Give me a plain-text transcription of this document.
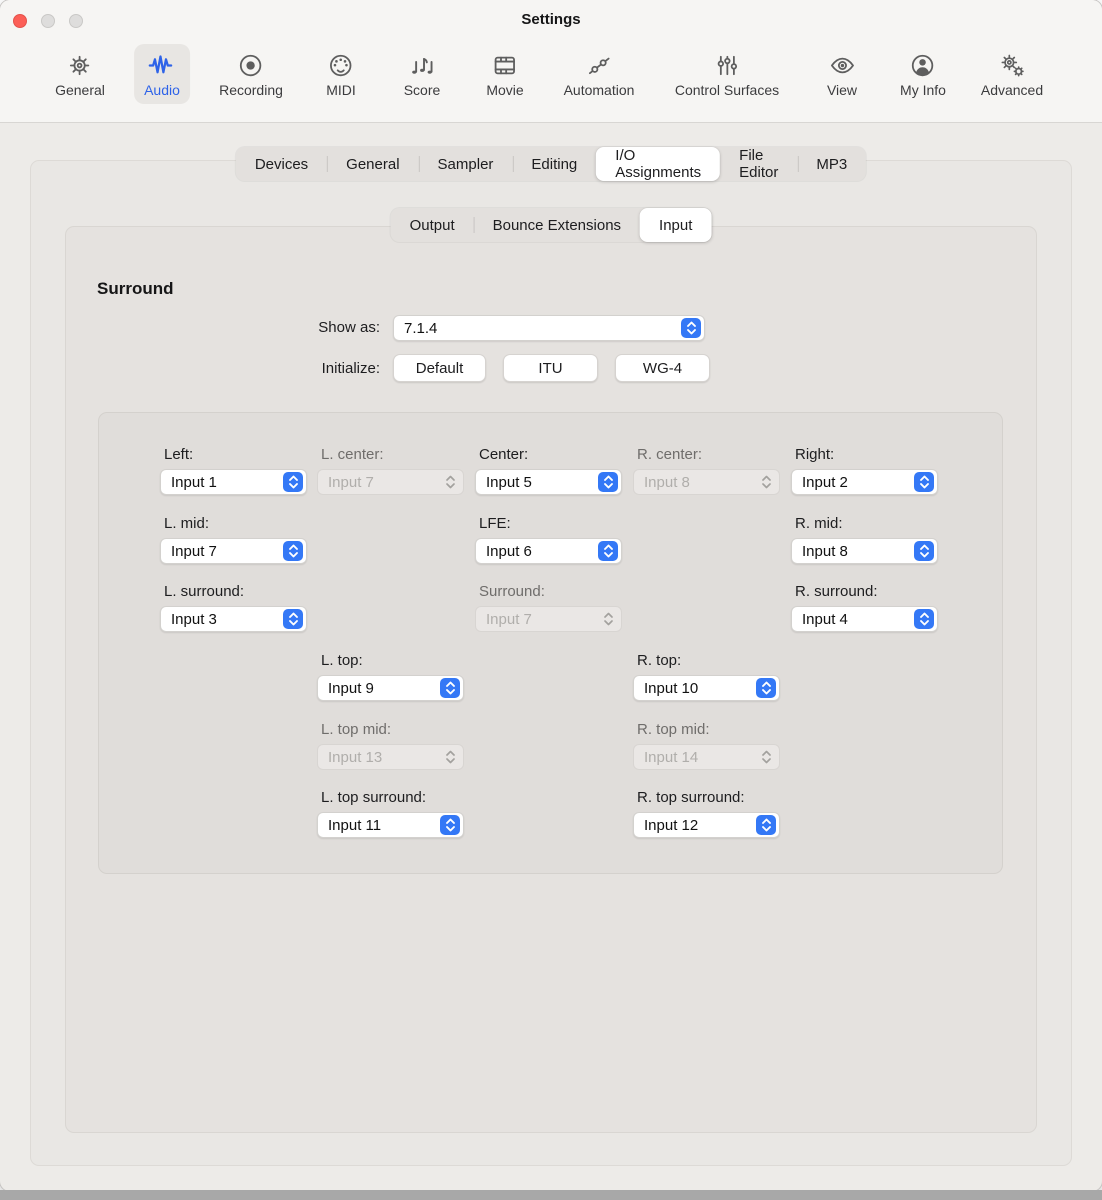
Settings
General	Audio	Recording	MIDI	Score	Movie	Automation	Control Surfaces	View	My Info Advanced
Devices	General	Sampler	Editing	I/O Assignments
File Editor	MP3
Output	Bounce Extensions	Input
Surround
Show as: 7.1.4
Initialize:	Default	ITU	WG-4
Left:
Input 1
L. center:
Input 7
Center:
Input 5
R. center:
Input 8
Right:
Input 2
L. mid:
Input 7
LFE:
Input 6
R. mid:
Input 8
L. surround:
Input 3
Surround:
Input 7
R. surround:
Input 4
L. top:
Input 9
R. top:
Input 10
L. top mid:
Input 13
R. top mid:
Input 14
L. top surround:
Input 11
R. top surround:
Input 12
